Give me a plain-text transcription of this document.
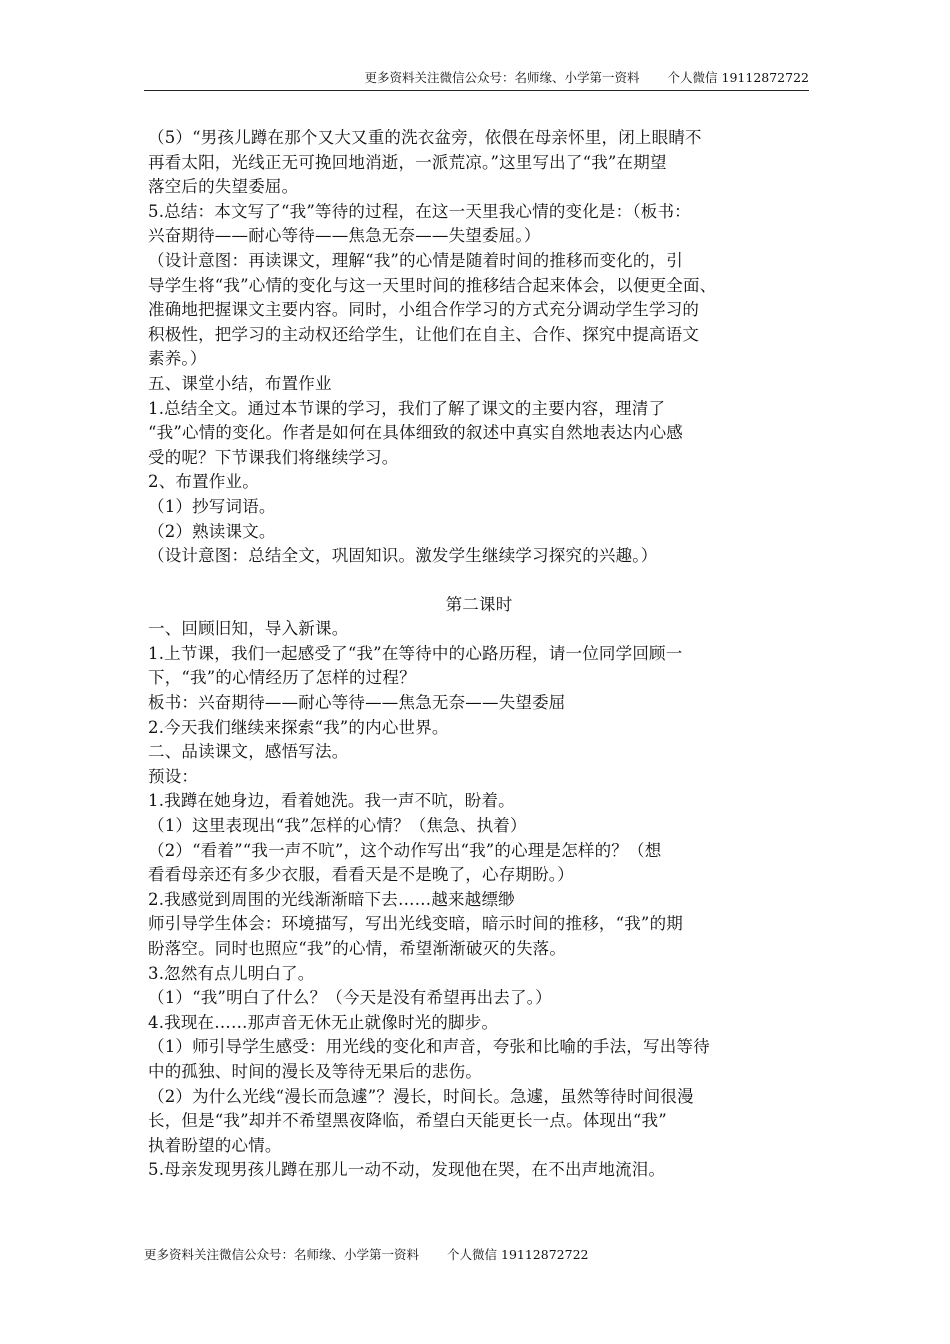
更多资料关注微信公众号：名师缘、小学第一资料 个人微信 19112872722

（5）“男孩儿蹲在那个又大又重的洗衣盆旁，依偎在母亲怀里，闭上眼睛不

再看太阳，光线正无可挽回地消逝，一派荒凉。”这里写出了“我”在期望

落空后的失望委屈。

5.总结：本文写了“我”等待的过程，在这一天里我心情的变化是：（板书：

兴奋期待——耐心等待——焦急无奈——失望委屈。）

（设计意图：再读课文，理解“我”的心情是随着时间的推移而变化的，引

导学生将“我”心情的变化与这一天里时间的推移结合起来体会，以便更全面、

准确地把握课文主要内容。同时，小组合作学习的方式充分调动学生学习的

积极性，把学习的主动权还给学生，让他们在自主、合作、探究中提高语文

素养。）

五、课堂小结，布置作业

1.总结全文。通过本节课的学习，我们了解了课文的主要内容，理清了

“我”心情的变化。作者是如何在具体细致的叙述中真实自然地表达内心感

受的呢？下节课我们将继续学习。

2、布置作业。

（1）抄写词语。

（2）熟读课文。

（设计意图：总结全文，巩固知识。激发学生继续学习探究的兴趣。）

第二课时

一、回顾旧知，导入新课。

1.上节课，我们一起感受了“我”在等待中的心路历程，请一位同学回顾一

下，“我”的心情经历了怎样的过程？

板书：兴奋期待——耐心等待——焦急无奈——失望委屈

2.今天我们继续来探索“我”的内心世界。

二、品读课文，感悟写法。

预设：

1.我蹲在她身边，看着她洗。我一声不吭，盼着。

（1）这里表现出“我”怎样的心情？（焦急、执着）

（2）“看着”“我一声不吭”，这个动作写出“我”的心理是怎样的？（想

看看母亲还有多少衣服，看看天是不是晚了，心存期盼。）

2.我感觉到周围的光线渐渐暗下去……越来越缥缈

师引导学生体会：环境描写，写出光线变暗，暗示时间的推移，“我”的期

盼落空。同时也照应“我”的心情，希望渐渐破灭的失落。

3.忽然有点儿明白了。

（1）“我”明白了什么？（今天是没有希望再出去了。）

4.我现在……那声音无休无止就像时光的脚步。

（1）师引导学生感受：用光线的变化和声音，夸张和比喻的手法，写出等待

中的孤独、时间的漫长及等待无果后的悲伤。

（2）为什么光线“漫长而急遽”？漫长，时间长。急遽，虽然等待时间很漫

长，但是“我”却并不希望黑夜降临，希望白天能更长一点。体现出“我”

执着盼望的心情。

5.母亲发现男孩儿蹲在那儿一动不动，发现他在哭，在不出声地流泪。

更多资料关注微信公众号：名师缘、小学第一资料 个人微信 19112872722
